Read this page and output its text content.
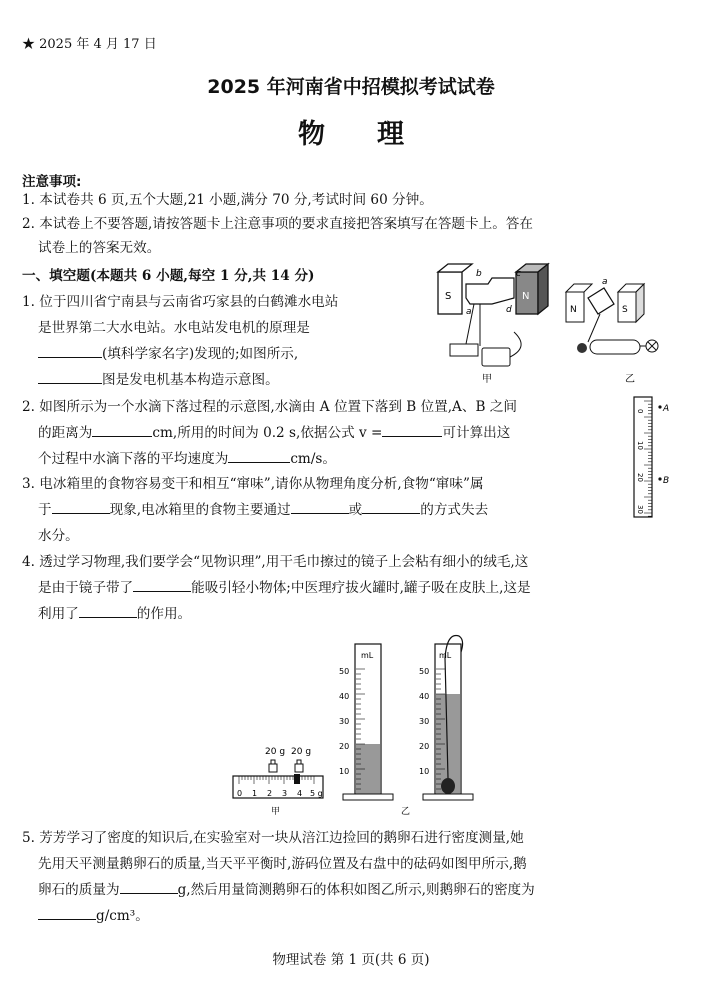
★ 2025 年 4 月 17 日
2025 年河南省中招模拟考试试卷
物理
注意事项:
1. 本试卷共 6 页,五个大题,21 小题,满分 70 分,考试时间 60 分钟。
2. 本试卷上不要答题,请按答题卡上注意事项的要求直接把答案填写在答题卡上。答在
试卷上的答案无效。
一、填空题(本题共 6 小题,每空 1 分,共 14 分)
1. 位于四川省宁南县与云南省巧家县的白鹤滩水电站
是世界第二大水电站。水电站发电机的原理是
(填科学家名字)发现的;如图所示,
图是发电机基本构造示意图。
S	N
b	c
a	d
甲
N	S
a
乙
2. 如图所示为一个水滴下落过程的示意图,水滴由 A 位置下落到 B 位置,A、B 之间
的距离为	cm,所用的时间为 0.2 s,依据公式 v =	可计算出这
个过程中水滴下落的平均速度为	cm/s。
0
10
20
30
A
B
3. 电冰箱里的食物容易变干和相互“窜味”,请你从物理角度分析,食物“窜味”属
于	现象,电冰箱里的食物主要通过	或	的方式失去
水分。
4. 透过学习物理,我们要学会“见物识理”,用干毛巾擦过的镜子上会粘有细小的绒毛,这
是由于镜子带了	能吸引轻小物体;中医理疗拔火罐时,罐子吸在皮肤上,这是
利用了	的作用。
20 g 20 g
0 1 2 3 4 5 g
甲
mL
10
20
30
40
50
mL
10
20
30
40
50
乙
5. 芳芳学习了密度的知识后,在实验室对一块从涪江边捡回的鹅卵石进行密度测量,她
先用天平测量鹅卵石的质量,当天平平衡时,游码位置及右盘中的砝码如图甲所示,鹅
卵石的质量为	g,然后用量筒测鹅卵石的体积如图乙所示,则鹅卵石的密度为
g/cm³。
物理试卷 第 1 页(共 6 页)
